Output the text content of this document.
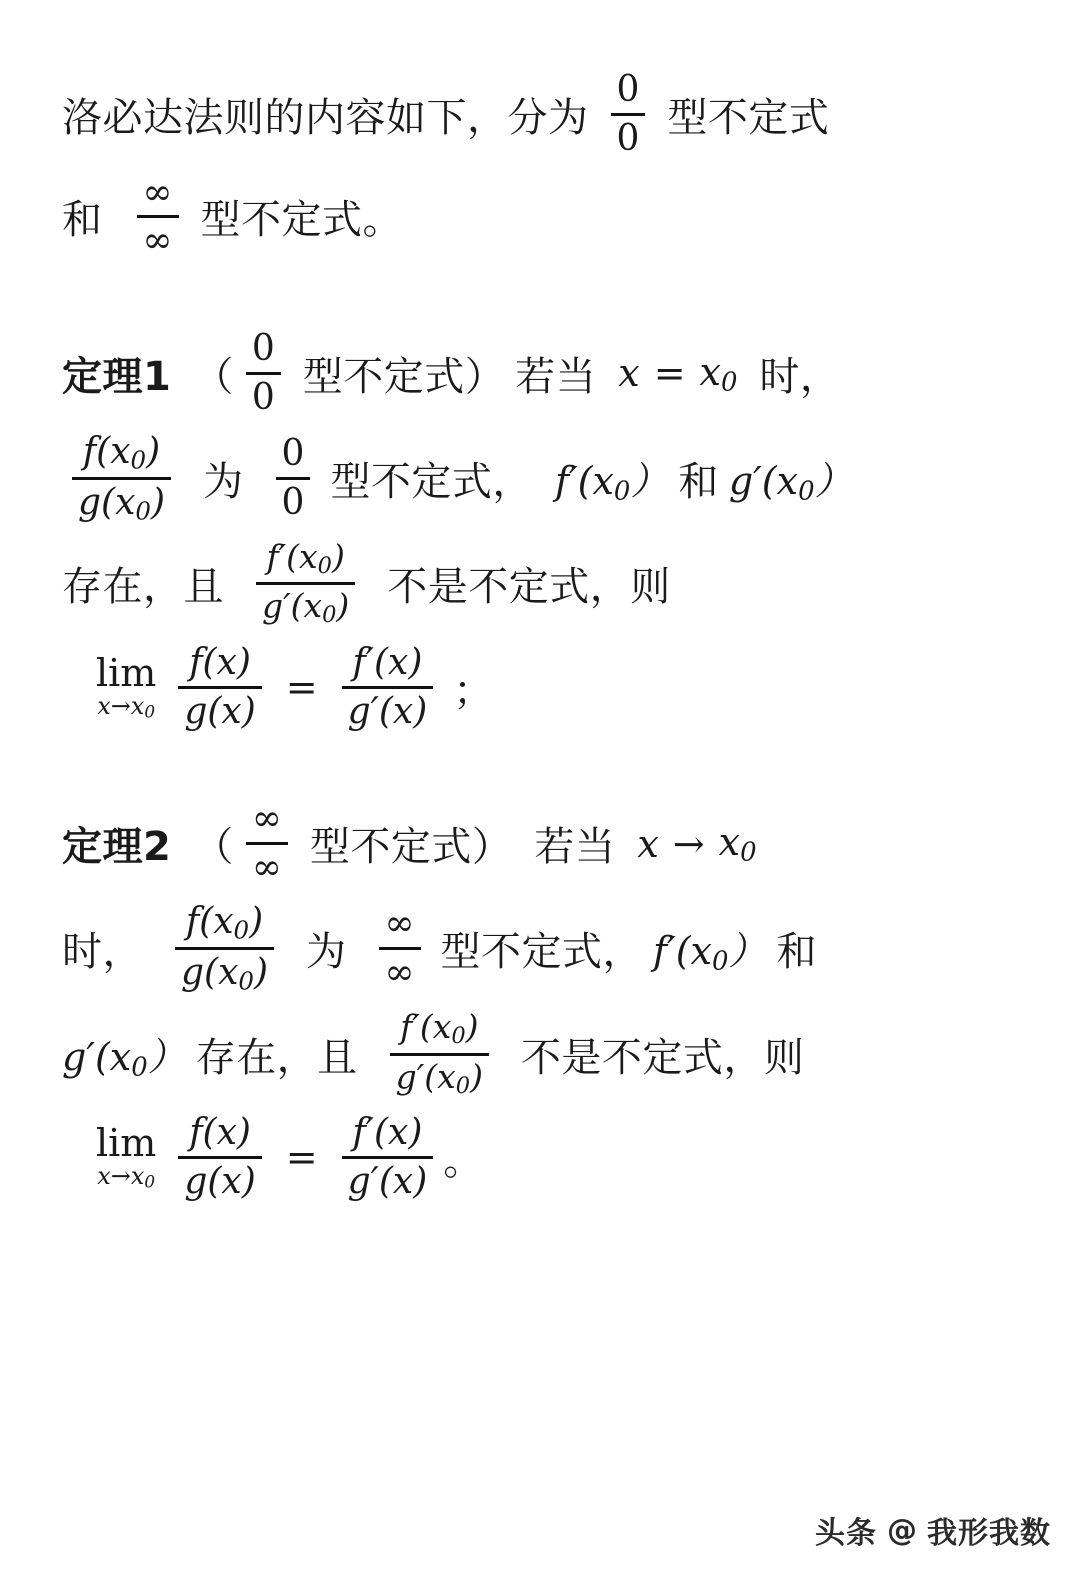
洛必达法则的内容如下，分为 $\frac{0}{0}$ 型不定式
和 $\frac{\infty}{\infty}$ 型不定式。
定理1 （ $\frac{0}{0}$ 型不定式） 若当 $x = x_0$ 时，
$\frac{f(x_0)}{g(x_0)}$ 为 $\frac{0}{0}$ 型不定式， $f'(x_0)$ 和 $g'(x_0)$
存在，且 $\frac{f'(x_0)}{g'(x_0)}$ 不是不定式，则
lim
$x\to x0 \frac{f(x)}{g(x)} = \frac{f'(x)}{g'(x)}$ ；
定理2 （ $\frac{\infty}{\infty}$ 型不定式） 若当 $x \to x_0$
时， $\frac{f(x_0)}{g(x_0)}$ 为 $\frac{\infty}{\infty}$ 型不定式， $f'(x_0)$ 和
$g'(x_0)$ 存在，且 $\frac{f'(x_0)}{g'(x_0)}$ 不是不定式，则
lim
$x\to x0 \frac{f(x)}{g(x)} = \frac{f'(x)}{g'(x)}$ 。
头条 @ 我形我数
